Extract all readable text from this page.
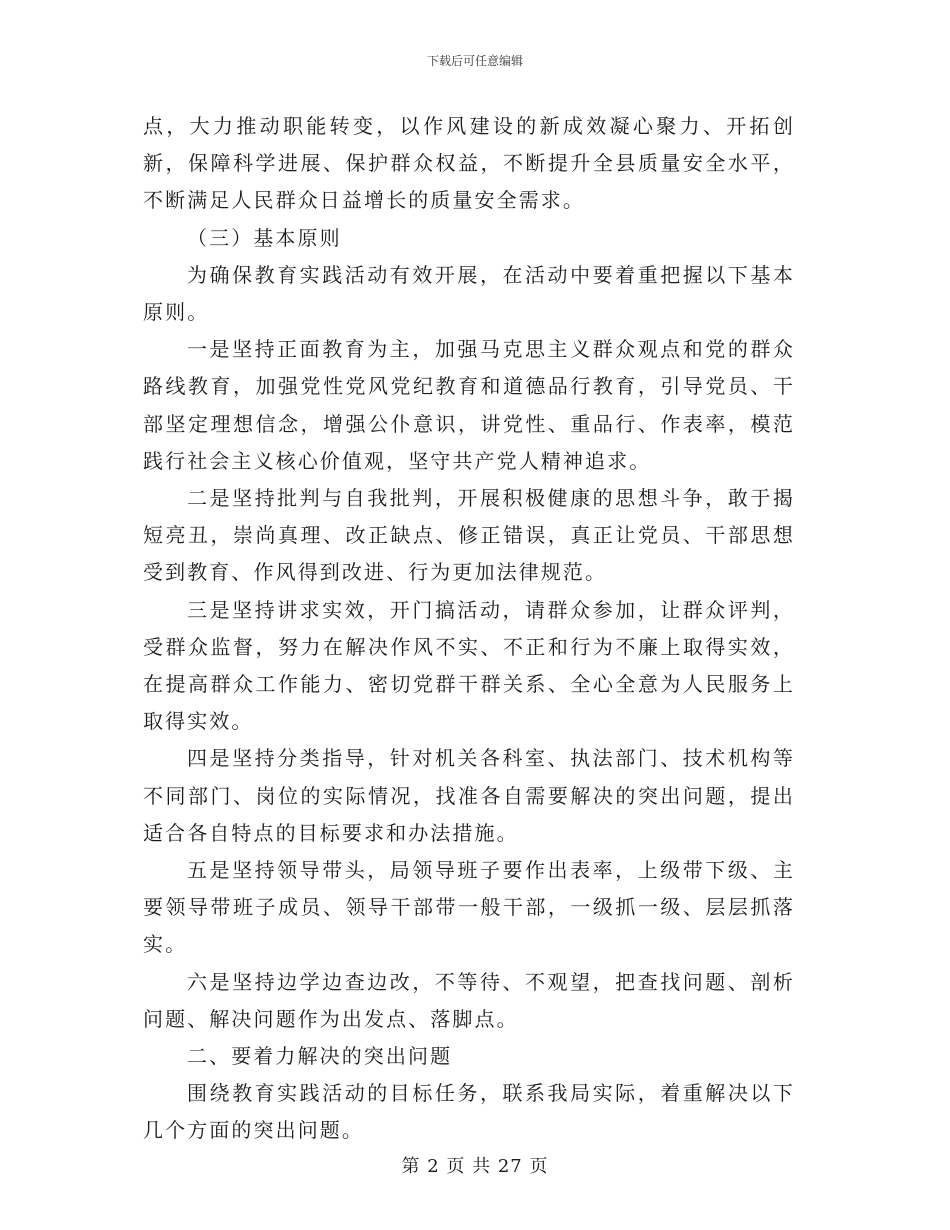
下载后可任意编辑

点，大力推动职能转变，以作风建设的新成效凝心聚力、开拓创新，保障科学进展、保护群众权益，不断提升全县质量安全水平，不断满足人民群众日益增长的质量安全需求。

（三）基本原则

为确保教育实践活动有效开展，在活动中要着重把握以下基本原则。

一是坚持正面教育为主，加强马克思主义群众观点和党的群众路线教育，加强党性党风党纪教育和道德品行教育，引导党员、干部坚定理想信念，增强公仆意识，讲党性、重品行、作表率，模范践行社会主义核心价值观，坚守共产党人精神追求。

二是坚持批判与自我批判，开展积极健康的思想斗争，敢于揭短亮丑，崇尚真理、改正缺点、修正错误，真正让党员、干部思想受到教育、作风得到改进、行为更加法律规范。

三是坚持讲求实效，开门搞活动，请群众参加，让群众评判，受群众监督，努力在解决作风不实、不正和行为不廉上取得实效，在提高群众工作能力、密切党群干群关系、全心全意为人民服务上取得实效。

四是坚持分类指导，针对机关各科室、执法部门、技术机构等不同部门、岗位的实际情况，找准各自需要解决的突出问题，提出适合各自特点的目标要求和办法措施。

五是坚持领导带头，局领导班子要作出表率，上级带下级、主要领导带班子成员、领导干部带一般干部，一级抓一级、层层抓落实。

六是坚持边学边查边改，不等待、不观望，把查找问题、剖析问题、解决问题作为出发点、落脚点。

二、要着力解决的突出问题

围绕教育实践活动的目标任务，联系我局实际，着重解决以下几个方面的突出问题。

第 2 页 共 27 页
